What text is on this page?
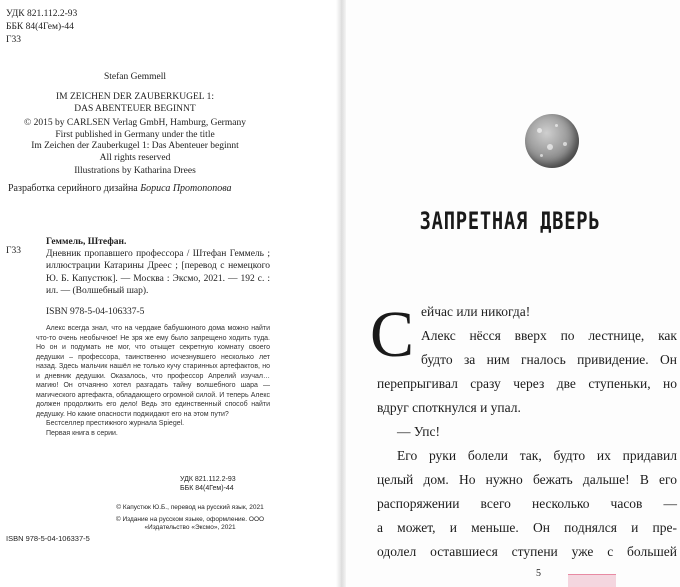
УДК 821.112.2-93
ББК 84(4Гем)-44
Г33
Stefan Gemmell
IM ZEICHEN DER ZAUBERKUGEL 1:
DAS ABENTEUER BEGINNT
© 2015 by CARLSEN Verlag GmbH, Hamburg, Germany
First published in Germany under the title
Im Zeichen der Zauberkugel 1: Das Abenteuer beginnt
All rights reserved
Illustrations by Katharina Drees
Разработка серийного дизайна Бориса Протопопова
Г33
Геммель, Штефан.
Дневник пропавшего профессора / Штефан Геммель ; иллюстрации Катарины Дреес ; [перевод с немецкого Ю. Б. Капустюк]. — Москва : Эксмо, 2021. — 192 с. : ил. — (Волшебный шар).
ISBN 978-5-04-106337-5

Алекс всегда знал, что на чердаке бабушкиного дома можно найти что-то очень необычное! Не зря же ему было запрещено ходить туда. Но он и подумать не мог, что отыщет секретную комнату своего дедушки – профессора, таинственно исчезнувшего несколько лет назад. Здесь мальчик нашёл не только кучу старинных артефактов, но и дневник дедушки. Оказалось, что профессор Апрелий изучал… магию! Он отчаянно хотел разгадать тайну волшебного шара — магического артефакта, обладающего огромной силой. И теперь Алекс должен продолжить его дело! Ведь это единственный способ найти дедушку. Но какие опасности поджидают его на этом пути?

Бестселлер престижного журнала Spiegel.

Первая книга в серии.

УДК 821.112.2-93
ББК 84(4Гем)-44

© Капустюк Ю.Б., перевод на русский язык, 2021

© Издание на русском языке, оформление. ООО «Издательство «Эксмо», 2021

ISBN 978-5-04-106337-5
ЗАПРЕТНАЯ ДВЕРЬ
С ейчас или никогда!
Алекс нёсся вверх по лестнице, как
будто за ним гналось привидение. Он
перепрыгивал сразу через две ступеньки, но
вдруг споткнулся и упал.
— Упс!
Его руки болели так, будто их придавил
целый дом. Но нужно бежать дальше! В его
распоряжении всего несколько часов —
а может, и меньше. Он поднялся и пре-
одолел оставшиеся ступени уже с большей
5
